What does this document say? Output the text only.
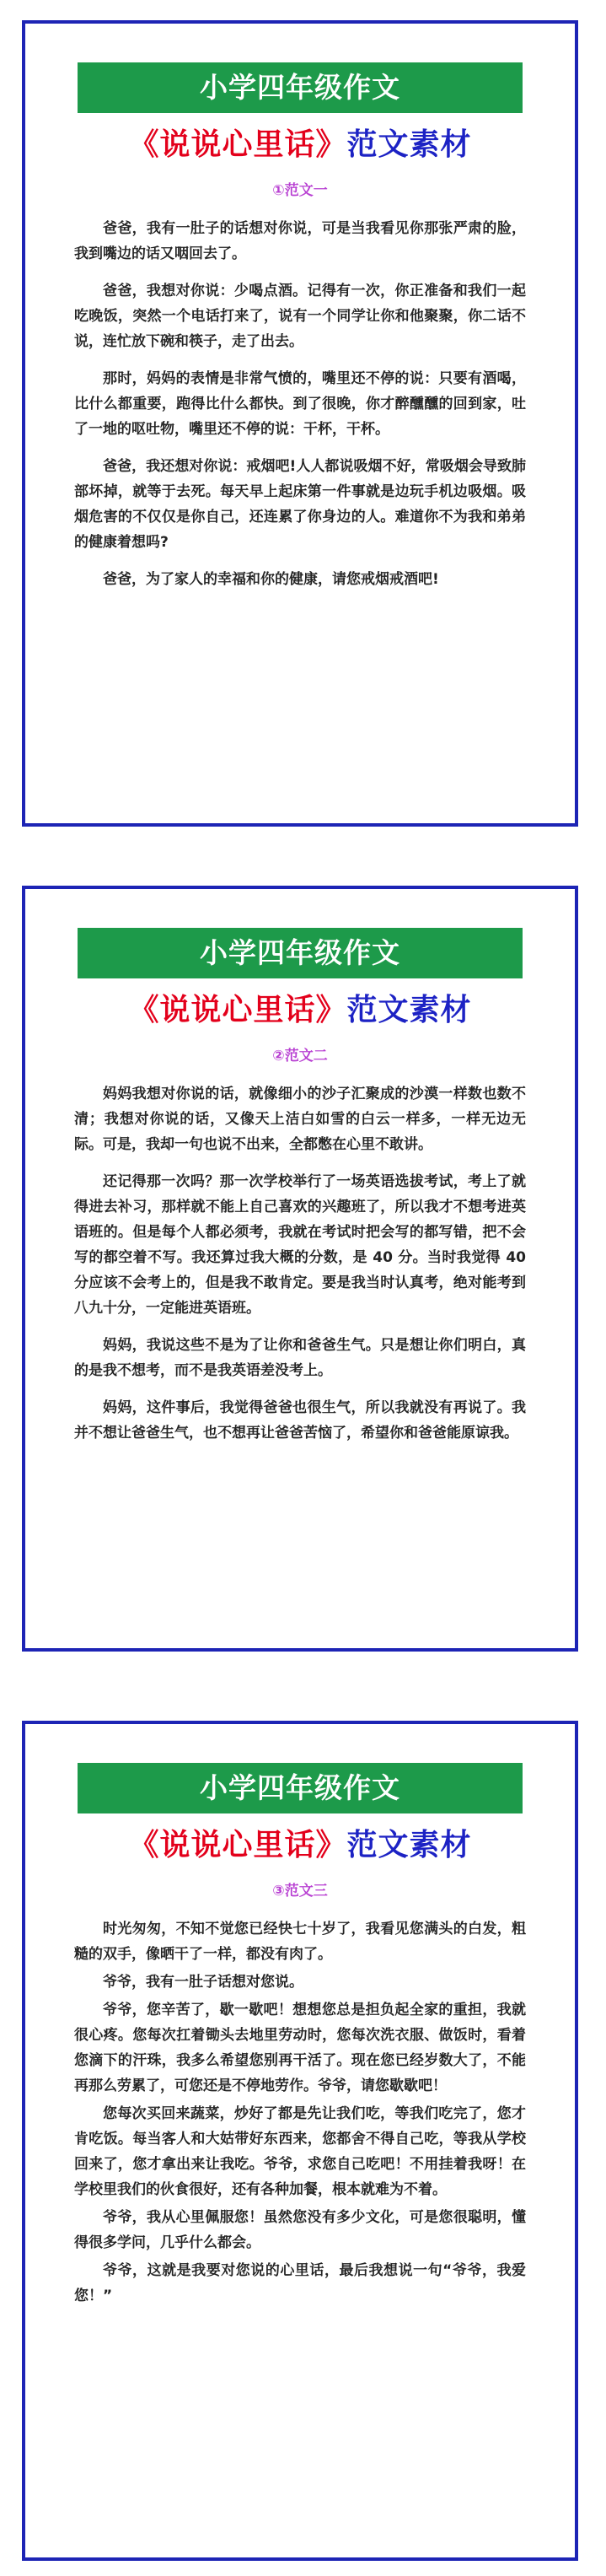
小学四年级作文
《说说心里话》范文素材
①范文一

爸爸，我有一肚子的话想对你说，可是当我看见你那张严肃的脸，我到嘴边的话又咽回去了。

爸爸，我想对你说：少喝点酒。记得有一次，你正准备和我们一起吃晚饭，突然一个电话打来了，说有一个同学让你和他聚聚，你二话不说，连忙放下碗和筷子，走了出去。

那时，妈妈的表情是非常气愤的，嘴里还不停的说：只要有酒喝，比什么都重要，跑得比什么都快。到了很晚，你才醉醺醺的回到家，吐了一地的呕吐物，嘴里还不停的说：干杯，干杯。

爸爸，我还想对你说：戒烟吧!人人都说吸烟不好，常吸烟会导致肺部坏掉，就等于去死。每天早上起床第一件事就是边玩手机边吸烟。吸烟危害的不仅仅是你自己，还连累了你身边的人。难道你不为我和弟弟的健康着想吗?

爸爸，为了家人的幸福和你的健康，请您戒烟戒酒吧!

小学四年级作文
《说说心里话》范文素材
②范文二

妈妈我想对你说的话，就像细小的沙子汇聚成的沙漠一样数也数不清；我想对你说的话，又像天上洁白如雪的白云一样多，一样无边无际。可是，我却一句也说不出来，全都憋在心里不敢讲。

还记得那一次吗？那一次学校举行了一场英语选拔考试，考上了就得进去补习，那样就不能上自己喜欢的兴趣班了，所以我才不想考进英语班的。但是每个人都必须考，我就在考试时把会写的都写错，把不会写的都空着不写。我还算过我大概的分数，是 40 分。当时我觉得 40 分应该不会考上的，但是我不敢肯定。要是我当时认真考，绝对能考到八九十分，一定能进英语班。

妈妈，我说这些不是为了让你和爸爸生气。只是想让你们明白，真的是我不想考，而不是我英语差没考上。

妈妈，这件事后，我觉得爸爸也很生气，所以我就没有再说了。我并不想让爸爸生气，也不想再让爸爸苦恼了，希望你和爸爸能原谅我。

小学四年级作文
《说说心里话》范文素材
③范文三

时光匆匆，不知不觉您已经快七十岁了，我看见您满头的白发，粗糙的双手，像晒干了一样，都没有肉了。

爷爷，我有一肚子话想对您说。

爷爷，您辛苦了，歇一歇吧！想想您总是担负起全家的重担，我就很心疼。您每次扛着锄头去地里劳动时，您每次洗衣服、做饭时，看着您滴下的汗珠，我多么希望您别再干活了。现在您已经岁数大了，不能再那么劳累了，可您还是不停地劳作。爷爷，请您歇歇吧！

您每次买回来蔬菜，炒好了都是先让我们吃，等我们吃完了，您才肯吃饭。每当客人和大姑带好东西来，您都舍不得自己吃，等我从学校回来了，您才拿出来让我吃。爷爷，求您自己吃吧！不用挂着我呀！在学校里我们的伙食很好，还有各种加餐，根本就难为不着。

爷爷，我从心里佩服您！虽然您没有多少文化，可是您很聪明，懂得很多学问，几乎什么都会。

爷爷，这就是我要对您说的心里话，最后我想说一句“爷爷，我爱您！”
